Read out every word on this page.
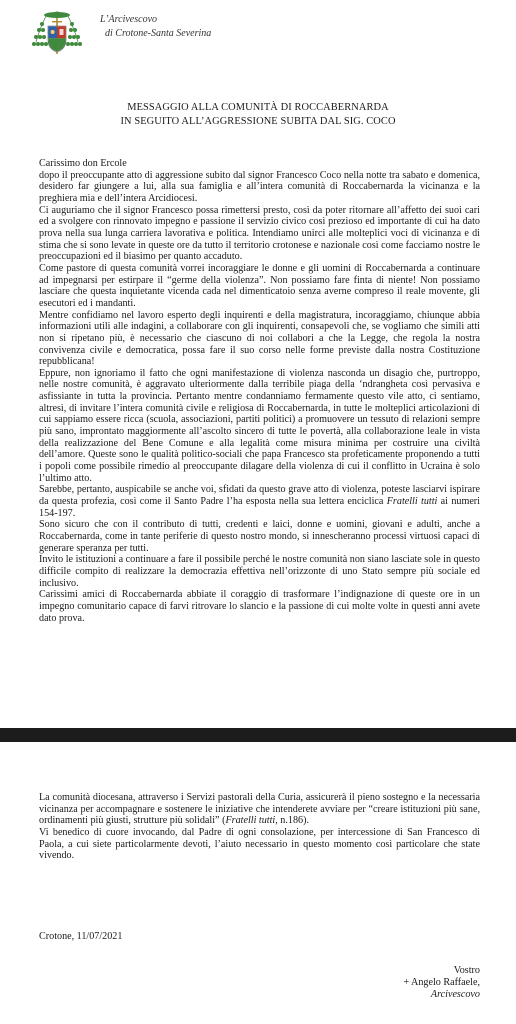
L’Arcivescovo
di Crotone-Santa Severina
MESSAGGIO ALLA COMUNITÀ DI ROCCABERNARDA
IN SEGUITO ALL’AGGRESSIONE SUBITA DAL SIG. COCO

Carissimo don Ercole

dopo il preoccupante atto di aggressione subito dal signor Francesco Coco nella notte tra sabato e domenica, desidero far giungere a lui, alla sua famiglia e all’intera comunità di Roccabernarda la vicinanza e la preghiera mia e dell’intera Arcidiocesi.

Ci auguriamo che il signor Francesco possa rimettersi presto, così da poter ritornare all’affetto dei suoi cari ed a svolgere con rinnovato impegno e passione il servizio civico così prezioso ed importante di cui ha dato prova nella sua lunga carriera lavorativa e politica. Intendiamo unirci alle molteplici voci di vicinanza e di stima che si sono levate in queste ore da tutto il territorio crotonese e nazionale così come facciamo nostre le preoccupazioni ed il biasimo per quanto accaduto.

Come pastore di questa comunità vorrei incoraggiare le donne e gli uomini di Roccabernarda a continuare ad impegnarsi per estirpare il “germe della violenza”. Non possiamo fare finta di niente! Non possiamo lasciare che questa inquietante vicenda cada nel dimenticatoio senza averne compreso il reale movente, gli esecutori ed i mandanti.

Mentre confidiamo nel lavoro esperto degli inquirenti e della magistratura, incoraggiamo, chiunque abbia informazioni utili alle indagini, a collaborare con gli inquirenti, consapevoli che, se vogliamo che simili atti non si ripetano più, è necessario che ciascuno di noi collabori a che la Legge, che regola la nostra convivenza civile e democratica, possa fare il suo corso nelle forme previste dalla nostra Costituzione repubblicana!

Eppure, non ignoriamo il fatto che ogni manifestazione di violenza nasconda un disagio che, purtroppo, nelle nostre comunità, è aggravato ulteriormente dalla terribile piaga della ‘ndrangheta così pervasiva e asfissiante in tutta la provincia. Pertanto mentre condanniamo fermamente questo vile atto, ci sentiamo, altresì, di invitare l’intera comunità civile e religiosa di Roccabernarda, in tutte le molteplici articolazioni di cui sappiamo essere ricca (scuola, associazioni, partiti politici) a promuovere un tessuto di relazioni sempre più sano, improntato maggiormente all’ascolto sincero di tutte le povertà, alla collaborazione leale in vista della realizzazione del Bene Comune e alla legalità come misura minima per costruire una civiltà dell’amore. Queste sono le qualità politico-sociali che papa Francesco sta profeticamente proponendo a tutti i popoli come possibile rimedio al preoccupante dilagare della violenza di cui il conflitto in Ucraina è solo l’ultimo atto.

Sarebbe, pertanto, auspicabile se anche voi, sfidati da questo grave atto di violenza, poteste lasciarvi ispirare da questa profezia, così come il Santo Padre l’ha esposta nella sua lettera enciclica Fratelli tutti ai numeri 154-197.

Sono sicuro che con il contributo di tutti, credenti e laici, donne e uomini, giovani e adulti, anche a Roccabernarda, come in tante periferie di questo nostro mondo, si innescheranno processi virtuosi capaci di generare speranza per tutti.

Invito le istituzioni a continuare a fare il possibile perché le nostre comunità non siano lasciate sole in questo difficile compito di realizzare la democrazia effettiva nell’orizzonte di uno Stato sempre più sociale ed inclusivo.

Carissimi amici di Roccabernarda abbiate il coraggio di trasformare l’indignazione di queste ore in un impegno comunitario capace di farvi ritrovare lo slancio e la passione di cui molte volte in questi anni avete dato prova.

La comunità diocesana, attraverso i Servizi pastorali della Curia, assicurerà il pieno sostegno e la necessaria vicinanza per accompagnare e sostenere le iniziative che intenderete avviare per “creare istituzioni più sane, ordinamenti più giusti, strutture più solidali” (Fratelli tutti, n.186).

Vi benedico di cuore invocando, dal Padre di ogni consolazione, per intercessione di San Francesco di Paola, a cui siete particolarmente devoti, l’aiuto necessario in questo momento così particolare che state vivendo.

Crotone, 11/07/2021
Vostro
+ Angelo Raffaele,
Arcivescovo
